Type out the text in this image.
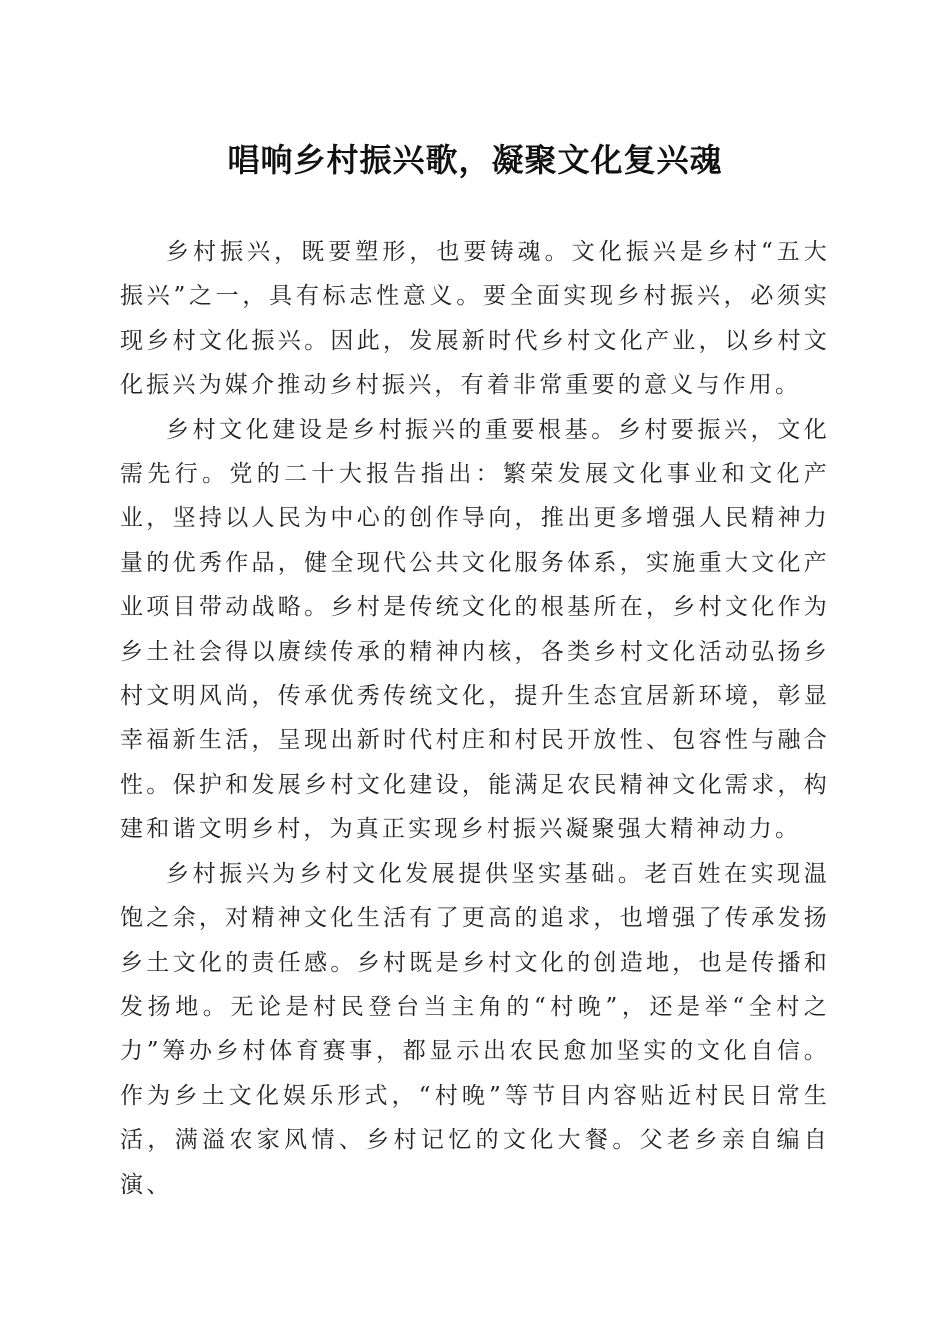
唱响乡村振兴歌，凝聚文化复兴魂

乡村振兴，既要塑形，也要铸魂。文化振兴是乡村“五大振兴”之一，具有标志性意义。要全面实现乡村振兴，必须实现乡村文化振兴。因此，发展新时代乡村文化产业，以乡村文化振兴为媒介推动乡村振兴，有着非常重要的意义与作用。

乡村文化建设是乡村振兴的重要根基。乡村要振兴，文化需先行。党的二十大报告指出：繁荣发展文化事业和文化产业，坚持以人民为中心的创作导向，推出更多增强人民精神力量的优秀作品，健全现代公共文化服务体系，实施重大文化产业项目带动战略。乡村是传统文化的根基所在，乡村文化作为乡土社会得以赓续传承的精神内核，各类乡村文化活动弘扬乡村文明风尚，传承优秀传统文化，提升生态宜居新环境，彰显幸福新生活，呈现出新时代村庄和村民开放性、包容性与融合性。保护和发展乡村文化建设，能满足农民精神文化需求，构建和谐文明乡村，为真正实现乡村振兴凝聚强大精神动力。

乡村振兴为乡村文化发展提供坚实基础。老百姓在实现温饱之余，对精神文化生活有了更高的追求，也增强了传承发扬乡土文化的责任感。乡村既是乡村文化的创造地，也是传播和发扬地。无论是村民登台当主角的“村晚”，还是举“全村之力”筹办乡村体育赛事，都显示出农民愈加坚实的文化自信。作为乡土文化娱乐形式，“村晚”等节目内容贴近村民日常生活，满溢农家风情、乡村记忆的文化大餐。父老乡亲自编自演、
